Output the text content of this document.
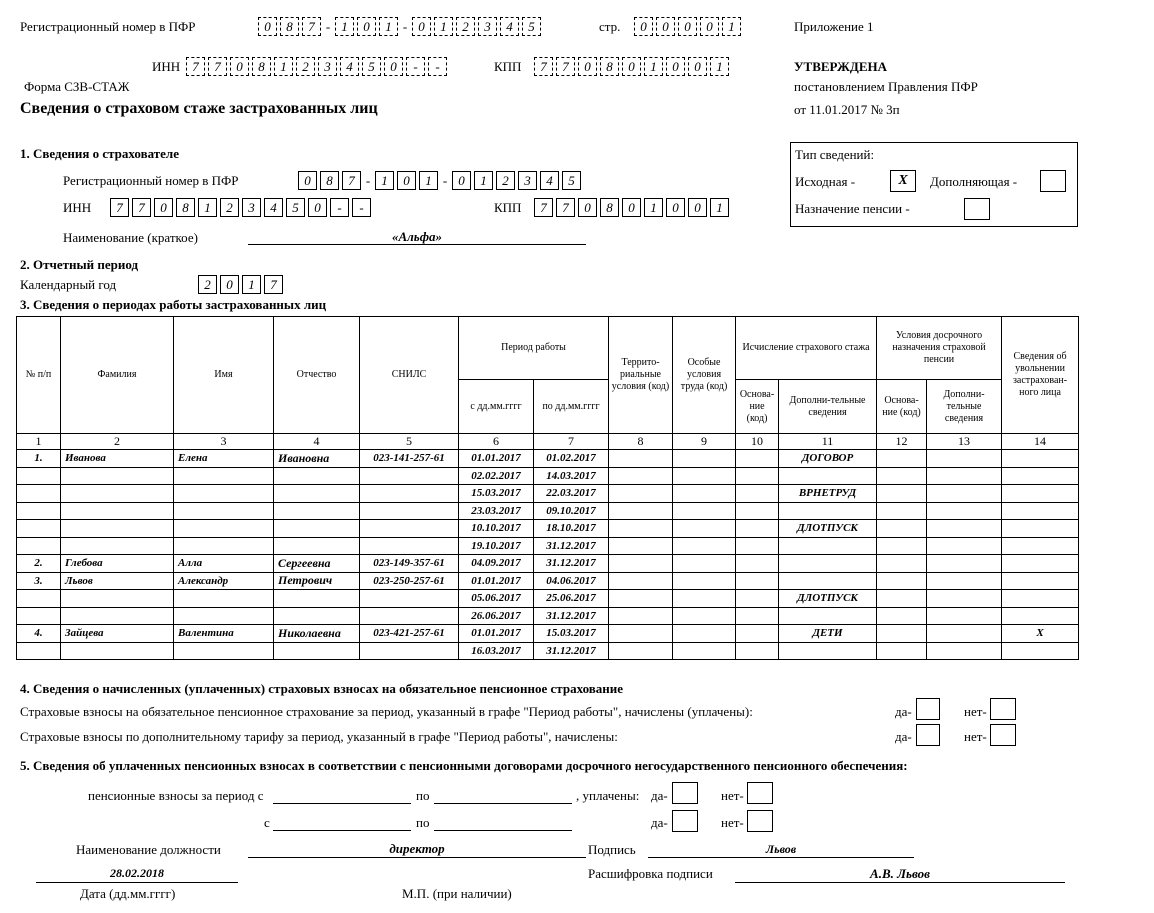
Регистрационный номер в ПФР	0	8	7 - 1	0	1 - 0	1	2	3	4	5	стр.	0	0	0	0	1	Приложение 1
ИНН 7	7	0	8	1	2	3	4	5	0	-	-	КПП	7	7	0	8	0	1	0	0	1	УТВЕРЖДЕНА
постановлением Правления ПФР
от 11.01.2017 № 3п
Форма СЗВ-СТАЖ
Сведения о страховом стаже застрахованных лиц
1. Сведения о страхователе
Регистрационный номер в ПФР	0	8	7 - 1	0	1 - 0	1	2	3	4	5
ИНН	7	7	0	8	1	2	3	4	5	0	-	-	КПП	7	7	0	8	0	1	0	0	1
Наименование (краткое)	«Альфа»
Тип сведений:
Исходная -	X	Дополняющая -
Назначение пенсии -
2. Отчетный период
Календарный год	2	0	1	7
3. Сведения о периодах работы застрахованных лиц
№ п/п	Фамилия	Имя	Отчество	СНИЛС	Период работы		Террито-риальные условия (код)	Особые условия труда (код)	Исчисление страхового стажа		Условия досрочного назначения страховой пенсии		Сведения об увольнении застрахован-ного лица
					с дд.мм.гггг	по дд.мм.гггг			Основа-ние (код)	Дополни-тельные сведения	Основа-ние (код)	Дополни-тельные сведения	
1	2	3	4	5	6	7	8	9	10	11	12	13	14
1.	Иванова	Елена	Ивановна	023-141-257-61	01.01.2017	01.02.2017				ДОГОВОР			
					02.02.2017	14.03.2017							
					15.03.2017	22.03.2017				ВРНЕТРУД			
					23.03.2017	09.10.2017							
					10.10.2017	18.10.2017				ДЛОТПУСК			
					19.10.2017	31.12.2017							
2.	Глебова	Алла	Сергеевна	023-149-357-61	04.09.2017	31.12.2017							
3.	Львов	Александр	Петрович	023-250-257-61	01.01.2017	04.06.2017							
					05.06.2017	25.06.2017				ДЛОТПУСК			
					26.06.2017	31.12.2017							
4.	Зайцева	Валентина	Николаевна	023-421-257-61	01.01.2017	15.03.2017				ДЕТИ			X
					16.03.2017	31.12.2017							
4. Сведения о начисленных (уплаченных) страховых взносах на обязательное пенсионное страхование
Страховые взносы на обязательное пенсионное страхование за период, указанный в графе "Период работы", начислены (уплачены):	да-	нет-
Страховые взносы по дополнительному тарифу за период, указанный в графе "Период работы", начислены:	да-	нет-
5. Сведения об уплаченных пенсионных взносах в соответствии с пенсионными договорами досрочного негосударственного пенсионного обеспечения:
пенсионные взносы за период с	по	, уплачены: да-	нет-
с	по	да-	нет-
Наименование должности	директор	Подпись	Львов
28.02.2018
Дата (дд.мм.гггг)	М.П. (при наличии)
Расшифровка подписи	А.В. Львов
